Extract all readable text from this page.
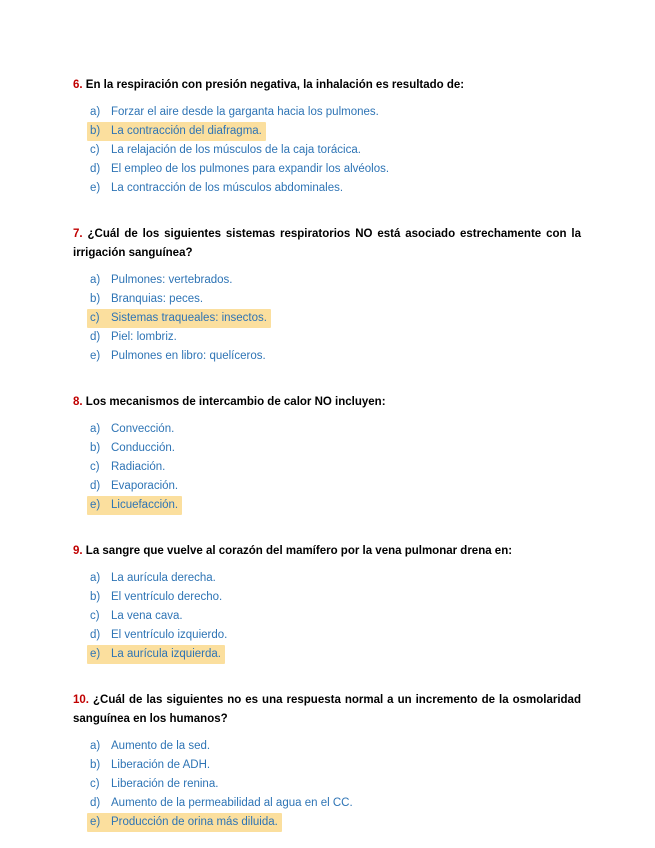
6. En la respiración con presión negativa, la inhalación es resultado de:

a) Forzar el aire desde la garganta hacia los pulmones.
b) La contracción del diafragma.
c) La relajación de los músculos de la caja torácica.
d) El empleo de los pulmones para expandir los alvéolos.
e) La contracción de los músculos abdominales.

7. ¿Cuál de los siguientes sistemas respiratorios NO está asociado estrechamente con la irrigación sanguínea?

a) Pulmones: vertebrados.
b) Branquias: peces.
c) Sistemas traqueales: insectos.
d) Piel: lombriz.
e) Pulmones en libro: quelíceros.

8. Los mecanismos de intercambio de calor NO incluyen:

a) Convección.
b) Conducción.
c) Radiación.
d) Evaporación.
e) Licuefacción.

9. La sangre que vuelve al corazón del mamífero por la vena pulmonar drena en:

a) La aurícula derecha.
b) El ventrículo derecho.
c) La vena cava.
d) El ventrículo izquierdo.
e) La aurícula izquierda.

10. ¿Cuál de las siguientes no es una respuesta normal a un incremento de la osmolaridad sanguínea en los humanos?

a) Aumento de la sed.
b) Liberación de ADH.
c) Liberación de renina.
d) Aumento de la permeabilidad al agua en el CC.
e) Producción de orina más diluida.
